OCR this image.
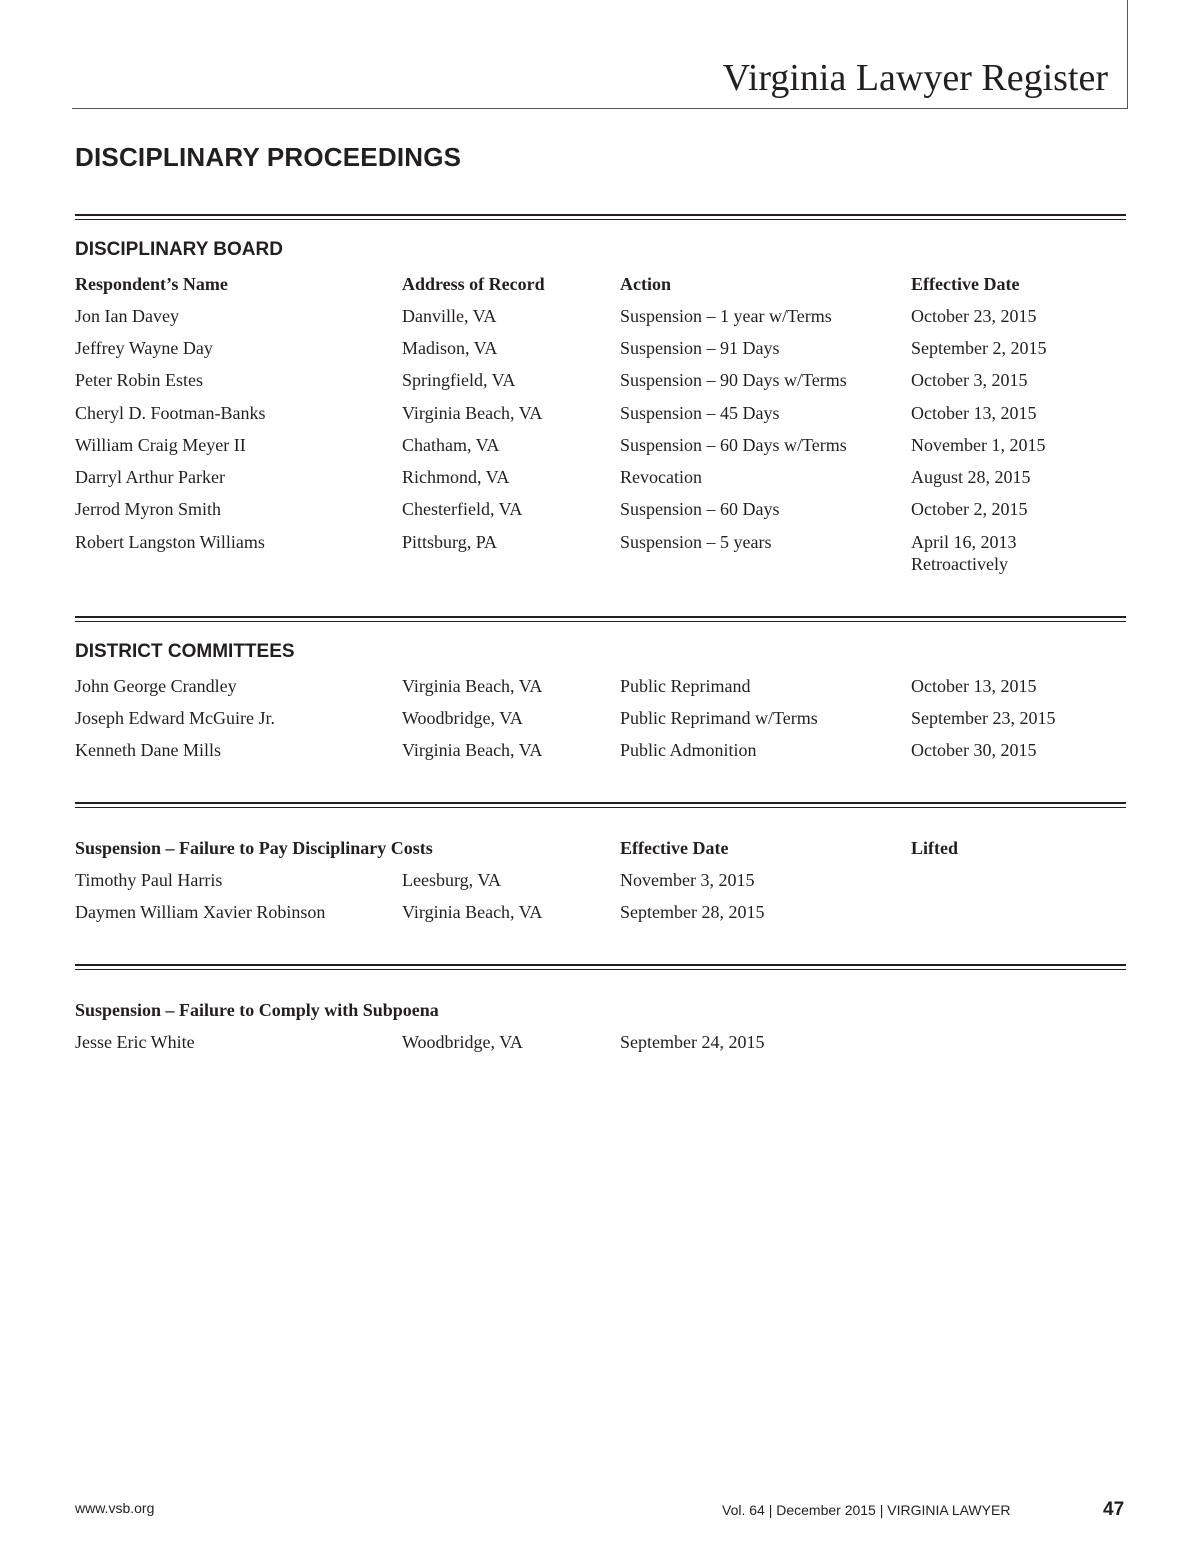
Virginia Lawyer Register
DISCIPLINARY PROCEEDINGS
DISCIPLINARY BOARD
Respondent’s Name	Address of Record	Action	Effective Date
Jon Ian Davey	Danville, VA	Suspension – 1 year w/Terms	October 23, 2015
Jeffrey Wayne Day	Madison, VA	Suspension – 91 Days	September 2, 2015
Peter Robin Estes	Springfield, VA	Suspension – 90 Days w/Terms	October 3, 2015
Cheryl D. Footman-Banks	Virginia Beach, VA	Suspension – 45 Days	October 13, 2015
William Craig Meyer II	Chatham, VA	Suspension – 60 Days w/Terms	November 1, 2015
Darryl Arthur Parker	Richmond, VA	Revocation	August 28, 2015
Jerrod Myron Smith	Chesterfield, VA	Suspension – 60 Days	October 2, 2015
Robert Langston Williams	Pittsburg, PA	Suspension – 5 years	April 16, 2013
Retroactively
DISTRICT COMMITTEES
John George Crandley	Virginia Beach, VA	Public Reprimand	October 13, 2015
Joseph Edward McGuire Jr.	Woodbridge, VA	Public Reprimand w/Terms	September 23, 2015
Kenneth Dane Mills	Virginia Beach, VA	Public Admonition	October 30, 2015
Suspension – Failure to Pay Disciplinary Costs	Effective Date	Lifted
Timothy Paul Harris	Leesburg, VA	November 3, 2015
Daymen William Xavier Robinson	Virginia Beach, VA	September 28, 2015
Suspension – Failure to Comply with Subpoena
Jesse Eric White	Woodbridge, VA	September 24, 2015
www.vsb.org	Vol. 64 | December 2015 | VIRGINIA LAWYER	47
